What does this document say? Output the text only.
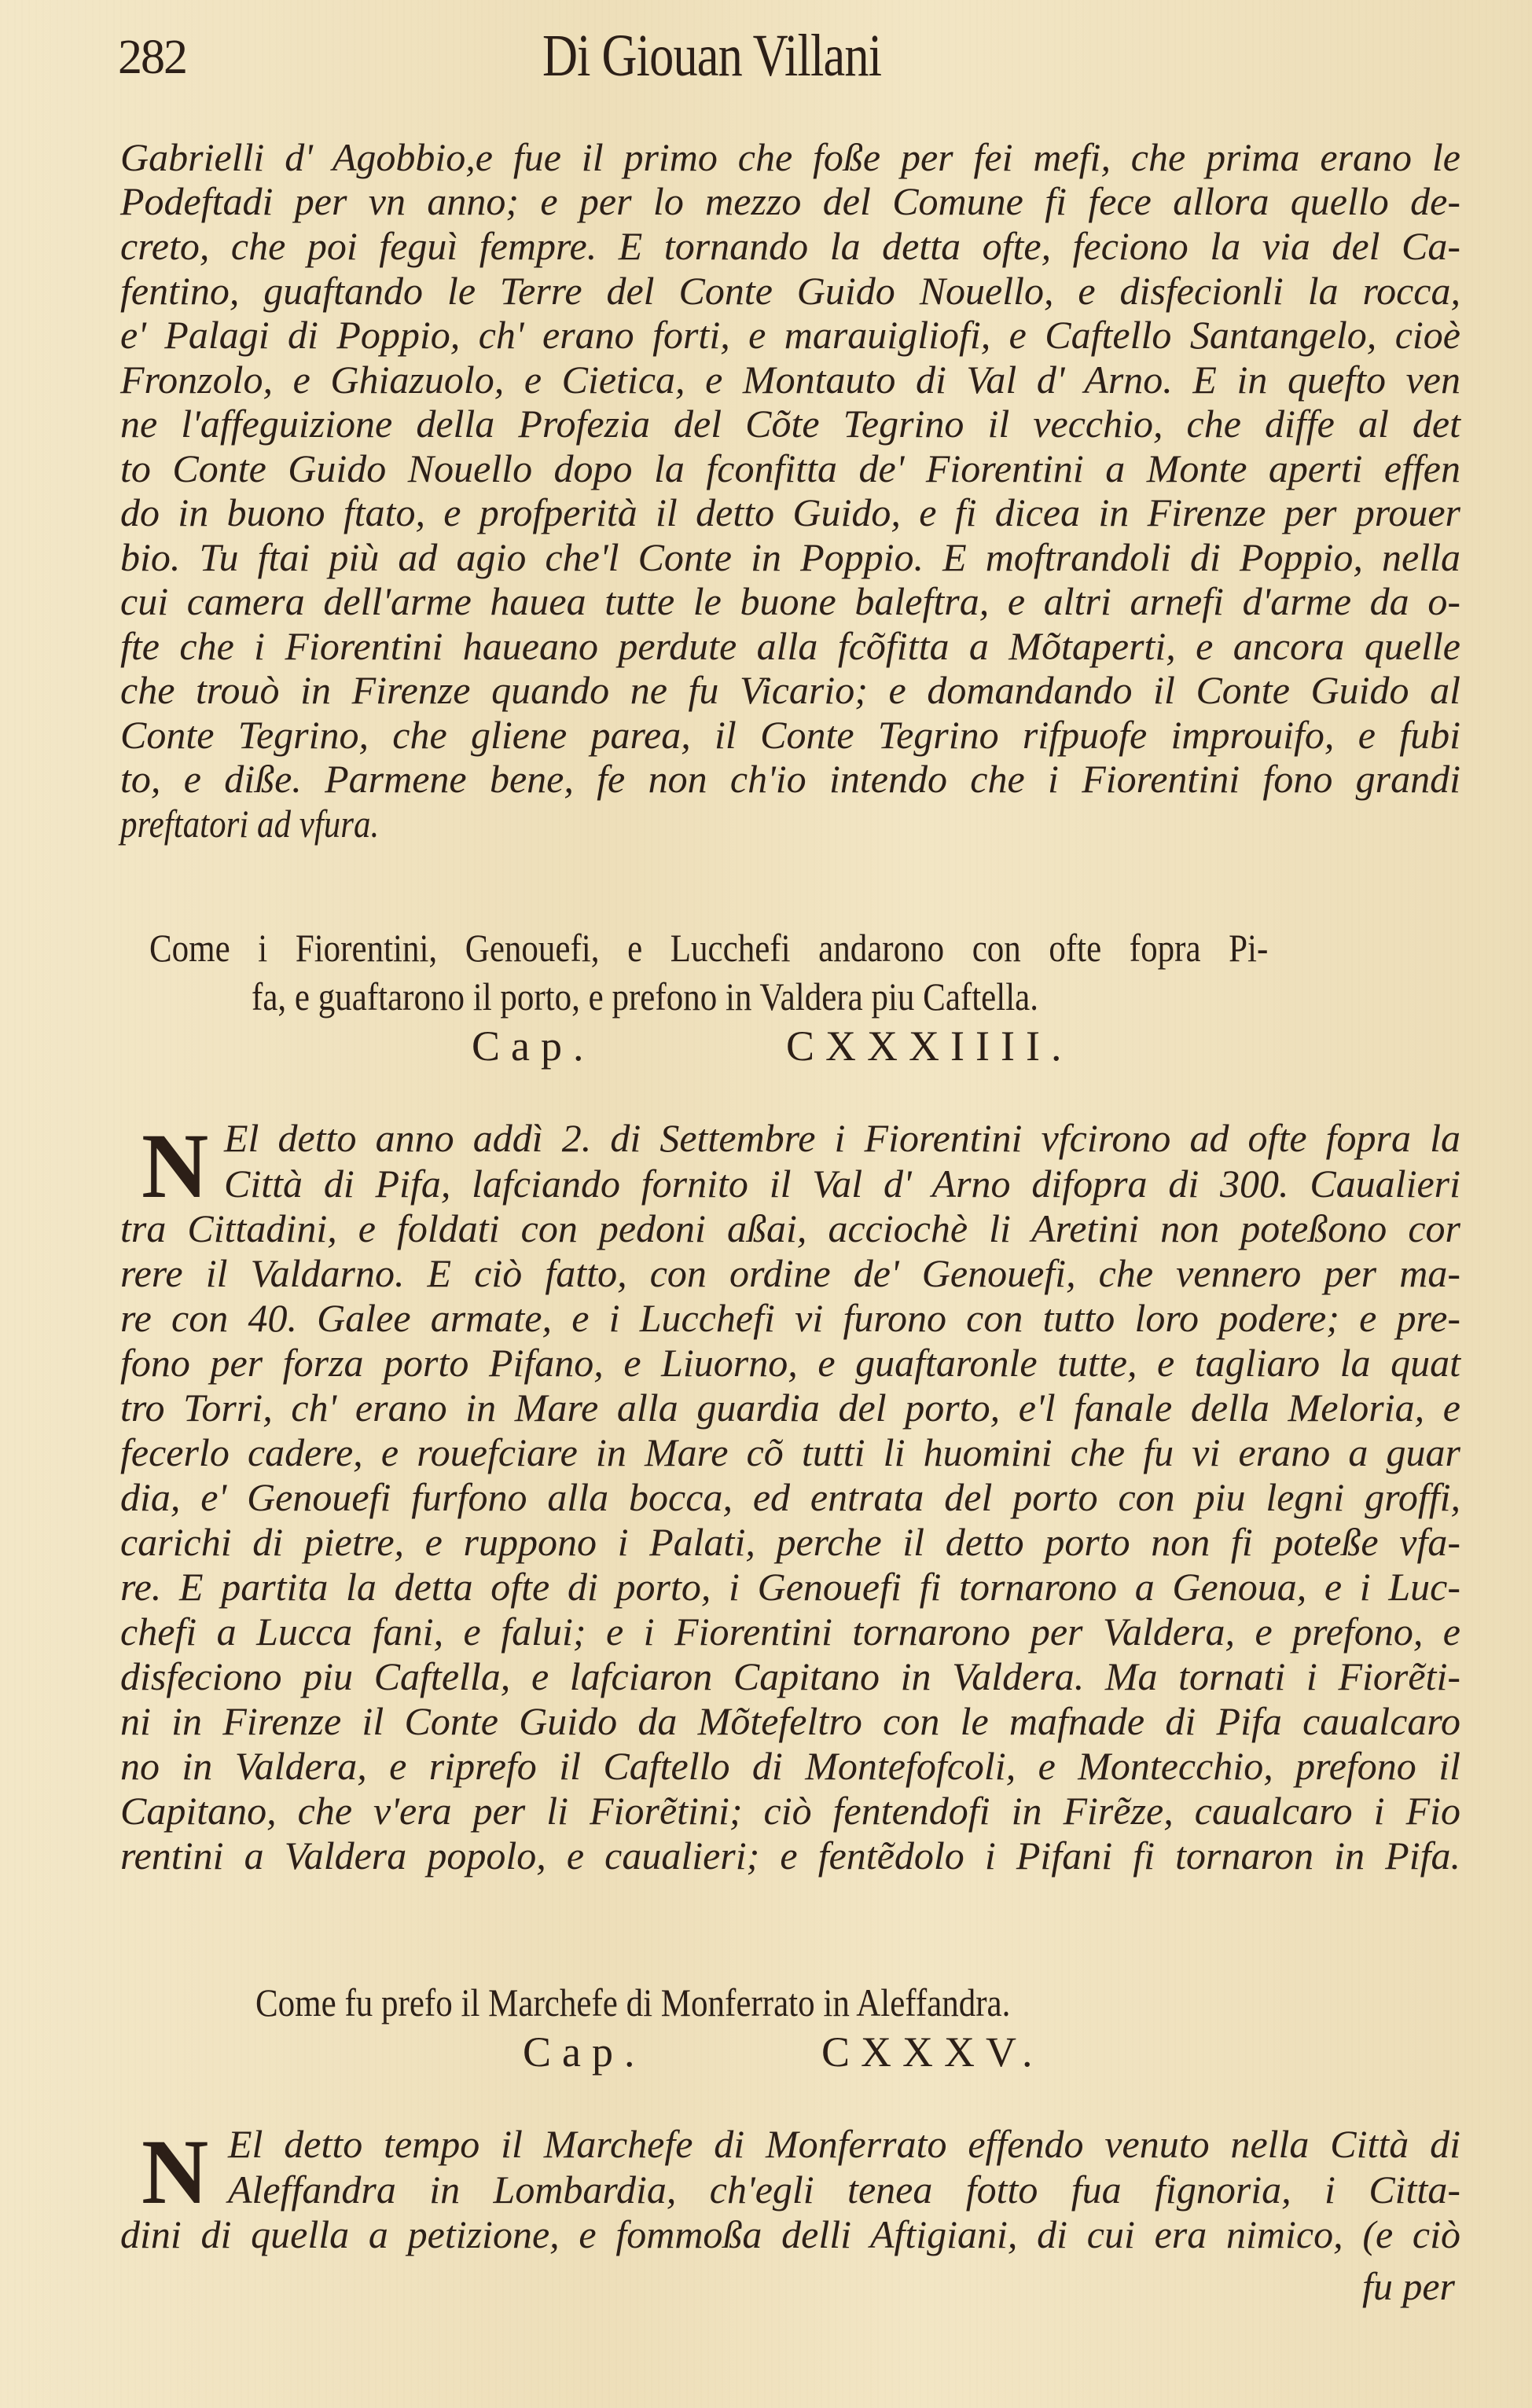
282	Di Giouan Villani
Gabrielli d' Agobbio,e fue il primo che foße per fei mefi, che prima erano le
Podeftadi per vn anno; e per lo mezzo del Comune fi fece allora quello de-
creto, che poi feguì fempre. E tornando la detta ofte, feciono la via del Ca-
fentino, guaftando le Terre del Conte Guido Nouello, e disfecionli la rocca,
e' Palagi di Poppio, ch' erano forti, e marauigliofi, e Caftello Santangelo, cioè
Fronzolo, e Ghiazuolo, e Cietica, e Montauto di Val d' Arno. E in quefto ven
ne l'affeguizione della Profezia del Cõte Tegrino il vecchio, che diffe al det
to Conte Guido Nouello dopo la fconfitta de' Fiorentini a Monte aperti effen
do in buono ftato, e profperità il detto Guido, e fi dicea in Firenze per prouer
bio. Tu ftai più ad agio che'l Conte in Poppio. E moftrandoli di Poppio, nella
cui camera dell'arme hauea tutte le buone baleftra, e altri arnefi d'arme da o-
fte che i Fiorentini haueano perdute alla fcõfitta a Mõtaperti, e ancora quelle
che trouò in Firenze quando ne fu Vicario; e domandando il Conte Guido al
Conte Tegrino, che gliene parea, il Conte Tegrino rifpuofe improuifo, e fubi
to, e diße. Parmene bene, fe non ch'io intendo che i Fiorentini fono grandi
preftatori ad vfura.
Come i Fiorentini, Genouefi, e Lucchefi andarono con ofte fopra Pi-
fa, e guaftarono il porto, e prefono in Valdera piu Caftella.
Cap.	CXXXIIII.
N El detto anno addì 2. di Settembre i Fiorentini vfcirono ad ofte fopra la
Città di Pifa, lafciando fornito il Val d' Arno difopra di 300. Caualieri
tra Cittadini, e foldati con pedoni aßai, acciochè li Aretini non poteßono cor
rere il Valdarno. E ciò fatto, con ordine de' Genouefi, che vennero per ma-
re con 40. Galee armate, e i Lucchefi vi furono con tutto loro podere; e pre-
fono per forza porto Pifano, e Liuorno, e guaftaronle tutte, e tagliaro la quat
tro Torri, ch' erano in Mare alla guardia del porto, e'l fanale della Meloria, e
fecerlo cadere, e rouefciare in Mare cõ tutti li huomini che fu vi erano a guar
dia, e' Genouefi furfono alla bocca, ed entrata del porto con piu legni groffi,
carichi di pietre, e rupponо i Palati, perche il detto porto non fi poteße vfa-
re. E partita la detta ofte di porto, i Genouefi fi tornarono a Genoua, e i Luc-
chefi a Lucca fani, e falui; e i Fiorentini tornarono per Valdera, e prefono, e
disfeciono piu Caftella, e lafciaron Capitano in Valdera. Ma tornati i Fiorẽti-
ni in Firenze il Conte Guido da Mõtefeltro con le mafnade di Pifa caualcaro
no in Valdera, e riprefo il Caftello di Montefofcoli, e Montecchio, prefono il
Capitano, che v'era per li Fiorẽtini; ciò fentendofi in Firẽze, caualcaro i Fio
rentini a Valdera popolo, e caualieri; e fentẽdolo i Pifani fi tornaron in Pifa.
Come fu prefo il Marchefe di Monferrato in Aleffandra.
Cap.	CXXXV.
N El detto tempo il Marchefe di Monferrato effendo venuto nella Città di
Aleffandra in Lombardia, ch'egli tenea fotto fua fignoria, i Citta-
dini di quella a petizione, e fommoßa delli Aftigiani, di cui era nimico, (e ciò
fu per
